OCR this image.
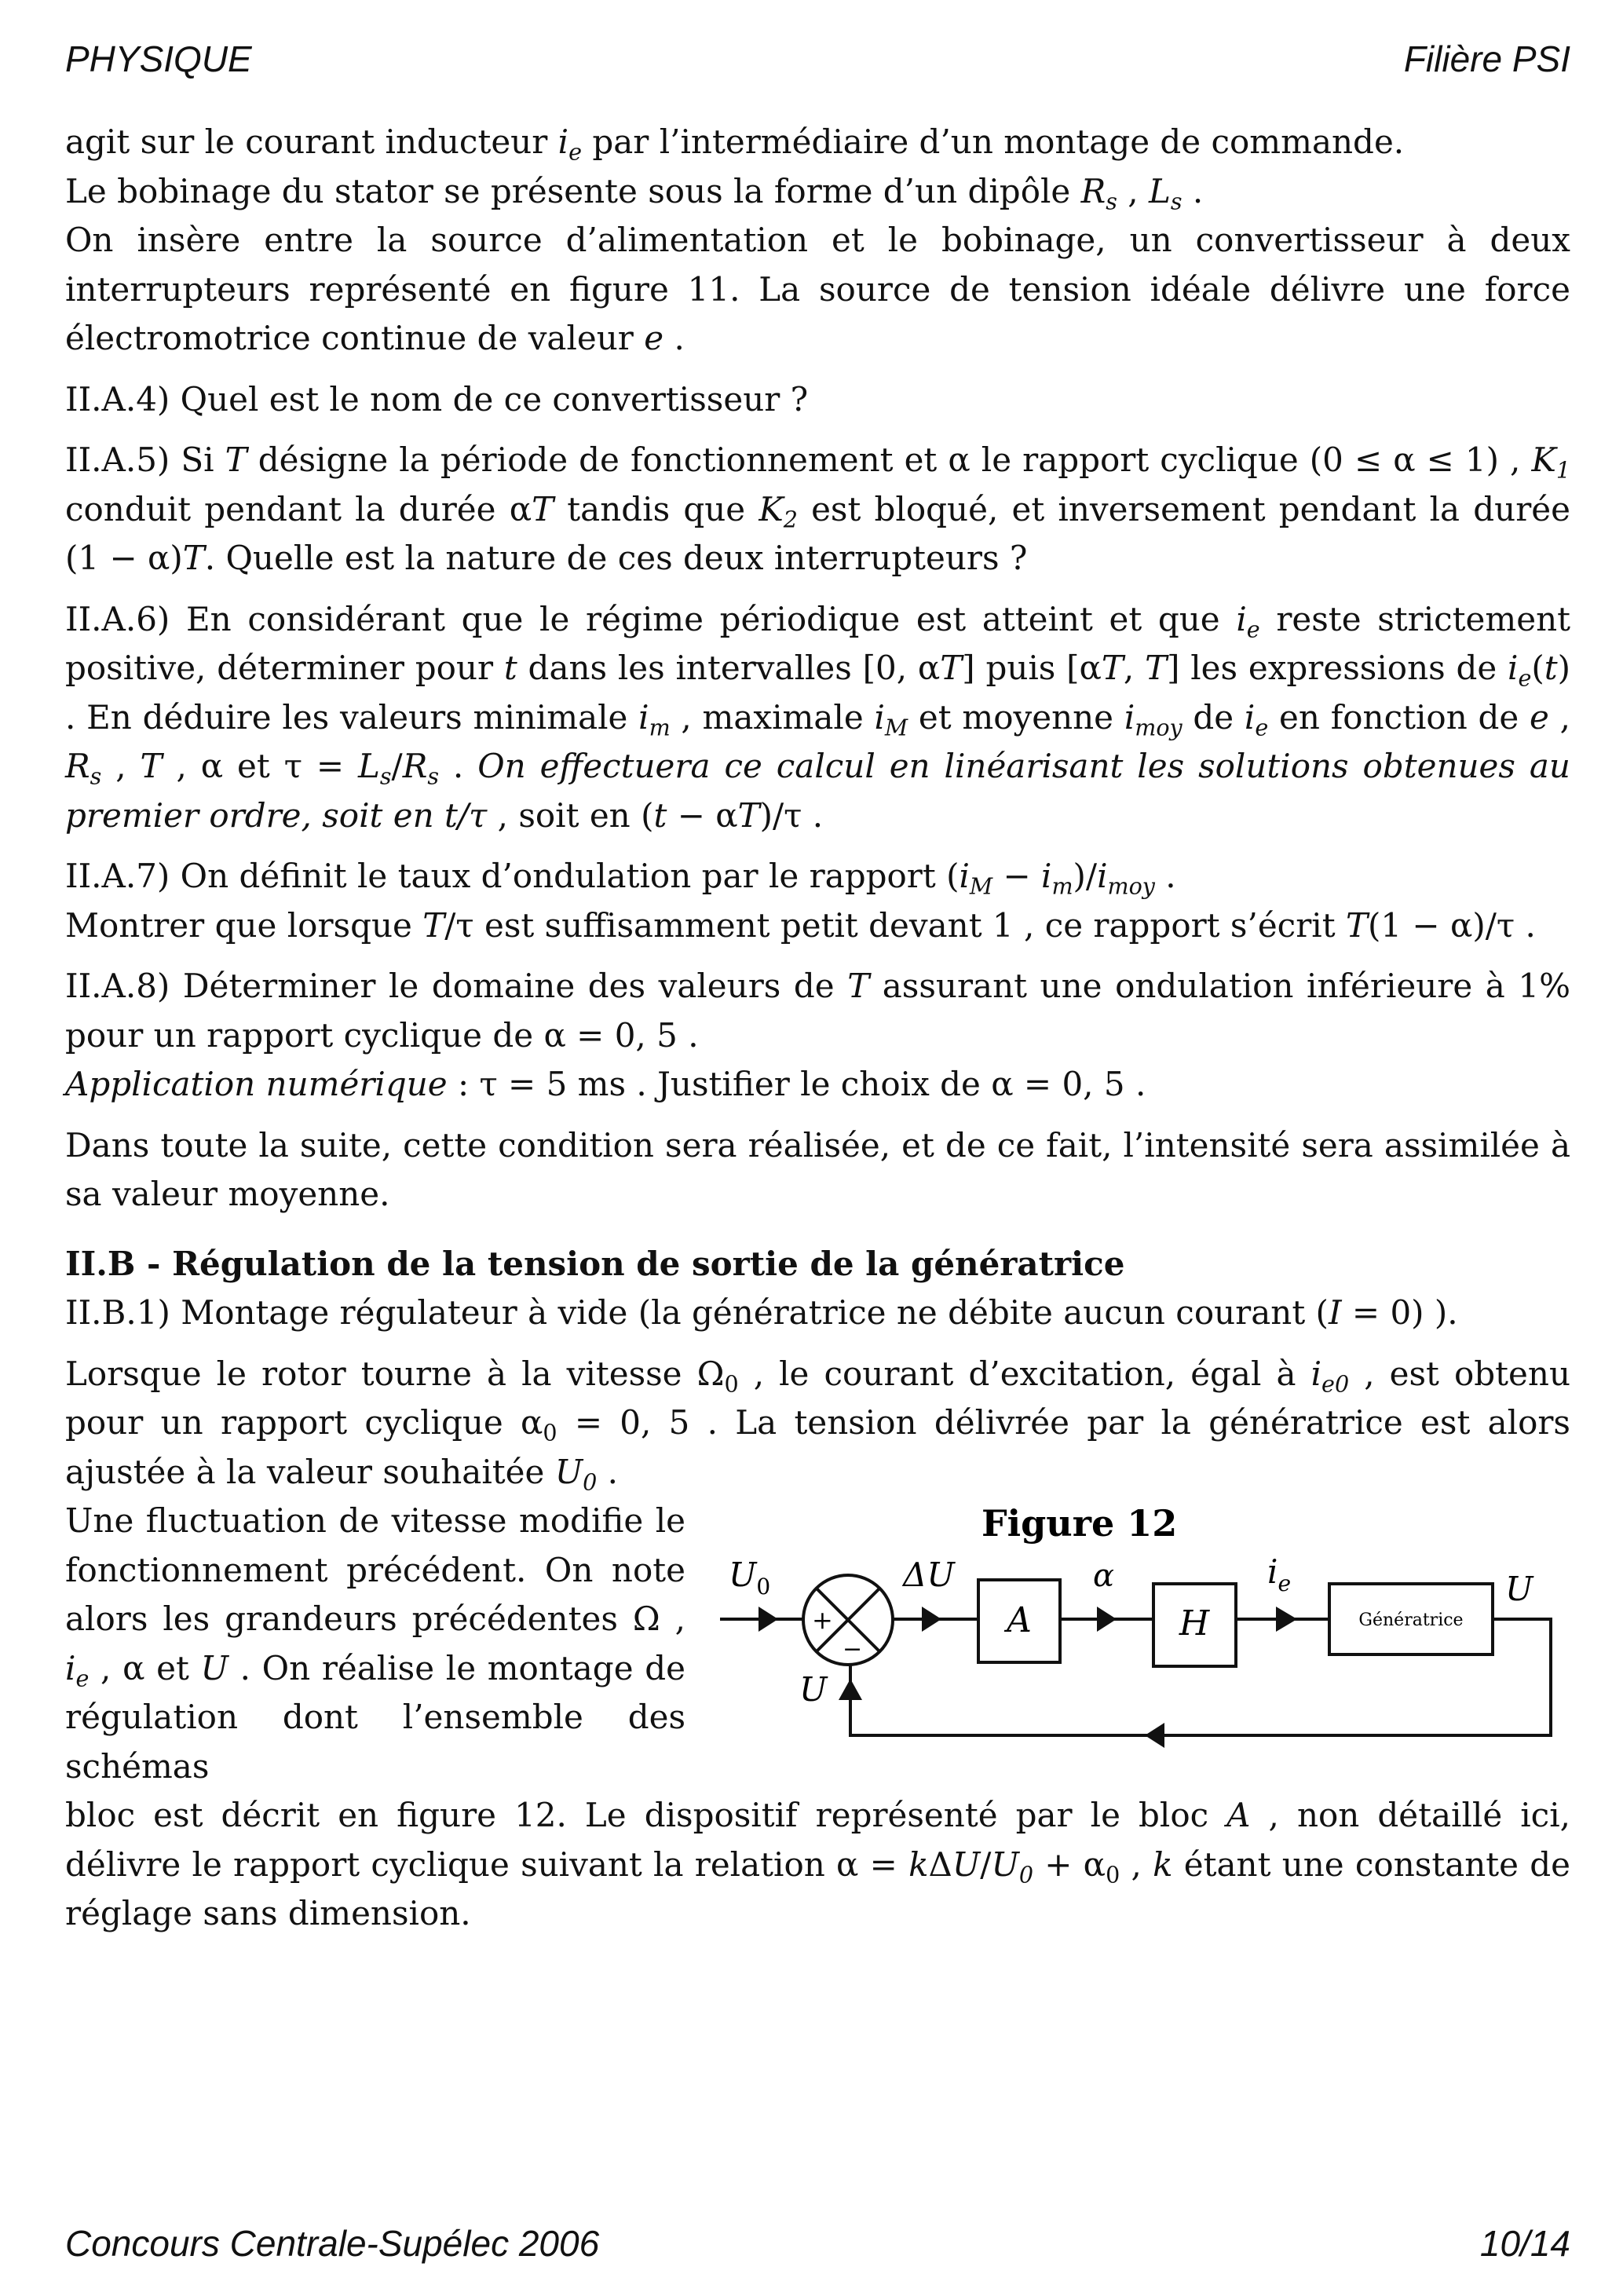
PHYSIQUE	Filière PSI

agit sur le courant inducteur $i_e$ par l’intermédiaire d’un montage de commande.

Le bobinage du stator se présente sous la forme d’un dipôle $R_s$ , $L_s$ .

On insère entre la source d’alimentation et le bobinage, un convertisseur à deux interrupteurs représenté en figure 11. La source de tension idéale délivre une force électromotrice continue de valeur e .

II.A.4) Quel est le nom de ce convertisseur ?

II.A.5) Si T désigne la période de fonctionnement et α le rapport cyclique (0 ≤ α ≤ 1) , $K_1$ conduit pendant la durée αT tandis que $K_2$ est bloqué, et inversement pendant la durée (1 − α)T. Quelle est la nature de ces deux interrupteurs ?

II.A.6) En considérant que le régime périodique est atteint et que $i_e$ reste strictement positive, déterminer pour t dans les intervalles [0, αT] puis [αT, T] les expressions de $i_e(t)$ . En déduire les valeurs minimale $i_m$ , maximale $i_M$ et moyenne $i_{moy}$ de $i_e$ en fonction de e , $R_s$ , T , α et $\tau = L_s/R_s$ . On effectuera ce calcul en linéarisant les solutions obtenues au premier ordre, soit en t/τ , soit en (t − αT)/τ .

II.A.7) On définit le taux d’ondulation par le rapport $(i_M - i_m)/i_{moy}$ .

Montrer que lorsque T/τ est suffisamment petit devant 1 , ce rapport s’écrit T(1 − α)/τ .

II.A.8) Déterminer le domaine des valeurs de T assurant une ondulation inférieure à 1% pour un rapport cyclique de α = 0, 5 .

Application numérique : τ = 5 ms . Justifier le choix de α = 0, 5 .

Dans toute la suite, cette condition sera réalisée, et de ce fait, l’intensité sera assimilée à sa valeur moyenne.

II.B - Régulation de la tension de sortie de la génératrice

II.B.1) Montage régulateur à vide (la génératrice ne débite aucun courant (I = 0) ).

Lorsque le rotor tourne à la vitesse $\Omega_0$ , le courant d’excitation, égal à $i_{e0}$ , est obtenu pour un rapport cyclique $\alpha_0 = 0$, 5 . La tension délivrée par la génératrice est alors ajustée à la valeur souhaitée $U_0$ .

Une fluctuation de vitesse modifie le fonctionnement précédent. On note alors les grandeurs précédentes Ω , $i_e$ , α et U . On réalise le montage de régulation dont l’ensemble des schémas

Figure 12
$U_0$	ΔU	α	$i_e$	U
U
+
−
A	H	Génératrice

bloc est décrit en figure 12. Le dispositif représenté par le bloc A , non détaillé ici, délivre le rapport cyclique suivant la relation α = kΔU/$U_0 + \alpha_0$ , k étant une constante de réglage sans dimension.

Concours Centrale-Supélec 2006	10/14
